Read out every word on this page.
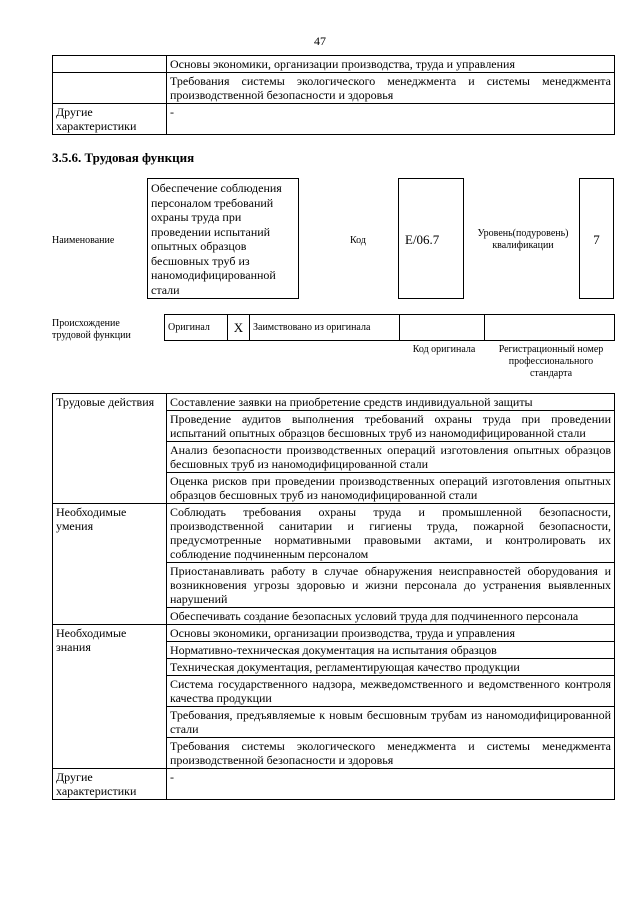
47
	Основы экономики, организации производства, труда и управления
	Требования системы экологического менеджмента и системы менеджмента производственной безопасности и здоровья
Другие характеристики	-
3.5.6. Трудовая функция
Наименование
Обеспечение соблюдения персоналом требований охраны труда при проведении испытаний опытных образцов бесшовных труб из наномодифицированной стали
Код	E/06.7	Уровень(подуровень) квалификации	7
Происхождение трудовой функции
Оригинал	X	Заимствовано из оригинала		
Код оригинала	Регистрационный номер профессионального стандарта
Трудовые действия	Составление заявки на приобретение средств индивидуальной защиты
	Проведение аудитов выполнения требований охраны труда при проведении испытаний опытных образцов бесшовных труб из наномодифицированной стали
	Анализ безопасности производственных операций изготовления опытных образцов бесшовных труб из наномодифицированной стали
	Оценка рисков при проведении производственных операций изготовления опытных образцов бесшовных труб из наномодифицированной стали
Необходимые умения	Соблюдать требования охраны труда и промышленной безопасности, производственной санитарии и гигиены труда, пожарной безопасности, предусмотренные нормативными правовыми актами, и контролировать их соблюдение подчиненным персоналом
	Приостанавливать работу в случае обнаружения неисправностей оборудования и возникновения угрозы здоровью и жизни персонала до устранения выявленных нарушений
	Обеспечивать создание безопасных условий труда для подчиненного персонала
Необходимые знания	Основы экономики, организации производства, труда и управления
	Нормативно-техническая документация на испытания образцов
	Техническая документация, регламентирующая качество продукции
	Система государственного надзора, межведомственного и ведомственного контроля качества продукции
	Требования, предъявляемые к новым бесшовным трубам из наномодифицированной стали
	Требования системы экологического менеджмента и системы менеджмента производственной безопасности и здоровья
Другие характеристики	-
